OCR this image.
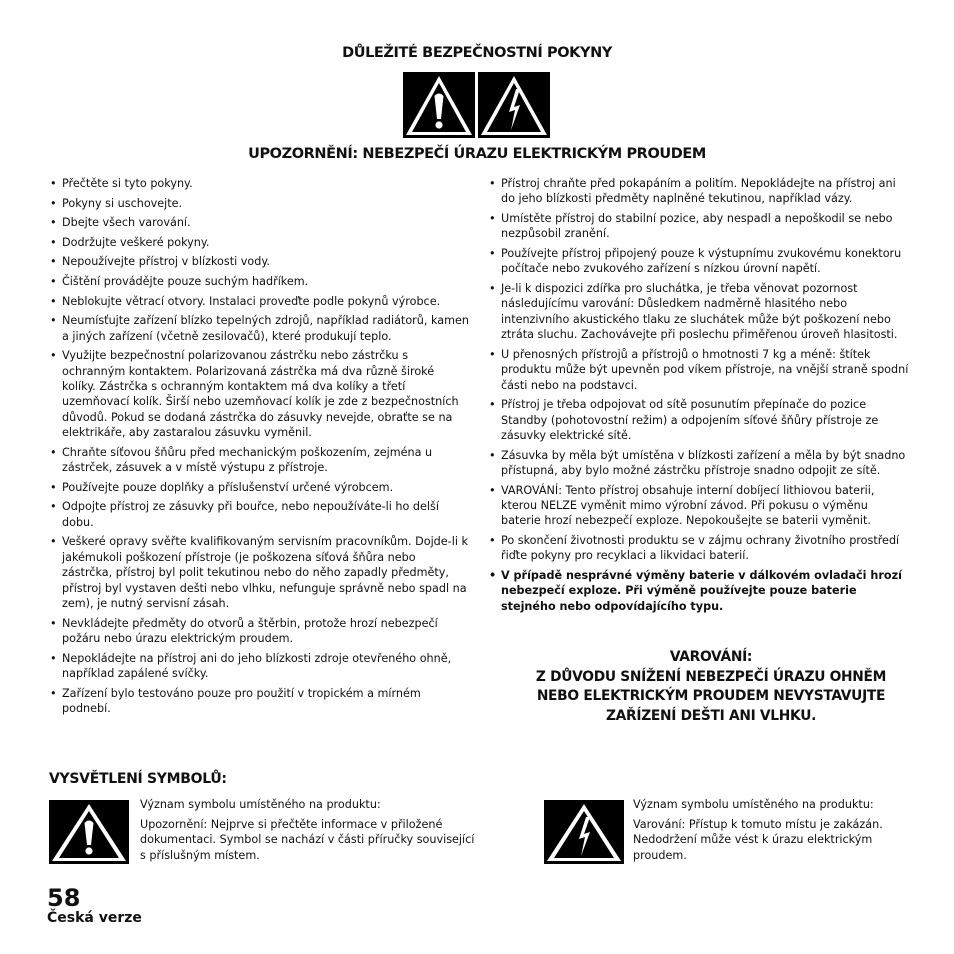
DŮLEŽITÉ BEZPEČNOSTNÍ POKYNY
UPOZORNĚNÍ: NEBEZPEČÍ ÚRAZU ELEKTRICKÝM PROUDEM
• Přečtěte si tyto pokyny.
• Pokyny si uschovejte.
• Dbejte všech varování.
• Dodržujte veškeré pokyny.
• Nepoužívejte přístroj v blízkosti vody.
• Čištění provádějte pouze suchým hadříkem.
• Neblokujte větrací otvory. Instalaci proveďte podle pokynů výrobce.
• Neumísťujte zařízení blízko tepelných zdrojů, například radiátorů, kamen a jiných zařízení (včetně zesilovačů), které produkují teplo.
• Využijte bezpečnostní polarizovanou zástrčku nebo zástrčku s ochranným kontaktem. Polarizovaná zástrčka má dva různě široké kolíky. Zástrčka s ochranným kontaktem má dva kolíky a třetí uzemňovací kolík. Širší nebo uzemňovací kolík je zde z bezpečnostních důvodů. Pokud se dodaná zástrčka do zásuvky nevejde, obraťte se na elektrikáře, aby zastaralou zásuvku vyměnil.
• Chraňte síťovou šňůru před mechanickým poškozením, zejména u zástrček, zásuvek a v místě výstupu z přístroje.
• Používejte pouze doplňky a příslušenství určené výrobcem.
• Odpojte přístroj ze zásuvky při bouřce, nebo nepoužíváte-li ho delší dobu.
• Veškeré opravy svěřte kvalifikovaným servisním pracovníkům. Dojde-li k jakémukoli poškození přístroje (je poškozena síťová šňůra nebo zástrčka, přístroj byl polit tekutinou nebo do něho zapadly předměty, přístroj byl vystaven dešti nebo vlhku, nefunguje správně nebo spadl na zem), je nutný servisní zásah.
• Nevkládejte předměty do otvorů a štěrbin, protože hrozí nebezpečí požáru nebo úrazu elektrickým proudem.
• Nepokládejte na přístroj ani do jeho blízkosti zdroje otevřeného ohně, například zapálené svíčky.
• Zařízení bylo testováno pouze pro použití v tropickém a mírném podnebí.
• Přístroj chraňte před pokapáním a politím. Nepokládejte na přístroj ani do jeho blízkosti předměty naplněné tekutinou, například vázy.
• Umístěte přístroj do stabilní pozice, aby nespadl a nepoškodil se nebo nezpůsobil zranění.
• Používejte přístroj připojený pouze k výstupnímu zvukovému konektoru počítače nebo zvukového zařízení s nízkou úrovní napětí.
• Je-li k dispozici zdířka pro sluchátka, je třeba věnovat pozornost následujícímu varování: Důsledkem nadměrně hlasitého nebo intenzivního akustického tlaku ze sluchátek může být poškození nebo ztráta sluchu. Zachovávejte při poslechu přiměřenou úroveň hlasitosti.
• U přenosných přístrojů a přístrojů o hmotnosti 7 kg a méně: štítek produktu může být upevněn pod víkem přístroje, na vnější straně spodní části nebo na podstavci.
• Přístroj je třeba odpojovat od sítě posunutím přepínače do pozice Standby (pohotovostní režim) a odpojením síťové šňůry přístroje ze zásuvky elektrické sítě.
• Zásuvka by měla být umístěna v blízkosti zařízení a měla by být snadno přístupná, aby bylo možné zástrčku přístroje snadno odpojit ze sítě.
• VAROVÁNÍ: Tento přístroj obsahuje interní dobíjecí lithiovou baterii, kterou NELZE vyměnit mimo výrobní závod. Při pokusu o výměnu baterie hrozí nebezpečí exploze. Nepokoušejte se baterii vyměnit.
• Po skončení životnosti produktu se v zájmu ochrany životního prostředí řiďte pokyny pro recyklaci a likvidaci baterií.
• V případě nesprávné výměny baterie v dálkovém ovladači hrozí nebezpečí exploze. Při výměně používejte pouze baterie stejného nebo odpovídajícího typu.
VAROVÁNÍ:
Z DŮVODU SNÍŽENÍ NEBEZPEČÍ ÚRAZU OHNĚM
NEBO ELEKTRICKÝM PROUDEM NEVYSTAVUJTE
ZAŘÍZENÍ DEŠTI ANI VLHKU.
VYSVĚTLENÍ SYMBOLŮ:

Význam symbolu umístěného na produktu:

Upozornění: Nejprve si přečtěte informace v přiložené dokumentaci. Symbol se nachází v části příručky související s příslušným místem.

Význam symbolu umístěného na produktu:

Varování: Přístup k tomuto místu je zakázán. Nedodržení může vést k úrazu elektrickým proudem.

58
Česká verze
